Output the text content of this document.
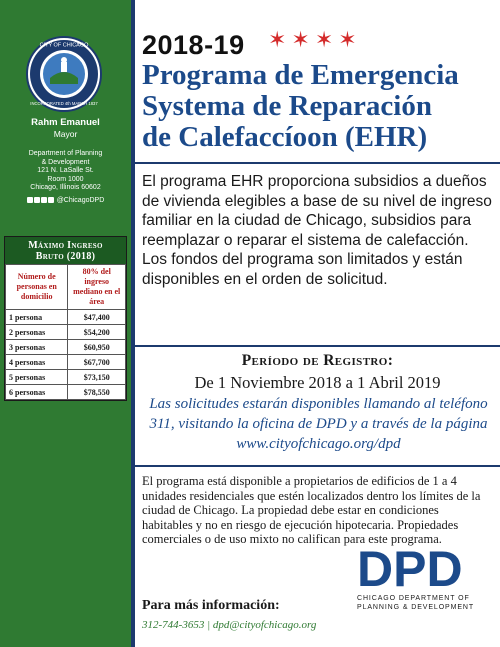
CITY OF CHICAGO
INCORPORATED 4th MARCH 1837
Rahm Emanuel
Mayor
Department of Planning
& Development
121 N. LaSalle St.
Room 1000
Chicago, Illinois 60602
@ChicagoDPD
Máximo Ingreso
Bruto (2018)
Número de personas en domicilio	80% del ingreso mediano en el área
1 persona	$47,400
2 personas	$54,200
3 personas	$60,950
4 personas	$67,700
5 personas	$73,150
6 personas	$78,550
2018-19 ✶✶✶✶
Programa de Emergencia
Systema de Reparación
de Calefaccíoon (EHR)
El programa EHR proporciona subsidios a dueños de vivienda elegibles a base de su nivel de ingreso familiar en la ciudad de Chicago, subsidios para reemplazar o reparar el sistema de calefacción. Los fondos del programa son limitados y están disponibles en el orden de solicitud.
Período de Registro:
De 1 Noviembre 2018 a 1 Abril 2019
Las solicitudes estarán disponibles llamando al teléfono 311, visitando la oficina de DPD y a través de la página www.cityofchicago.org/dpd
El programa está disponible a propietarios de edificios de 1 a 4 unidades residenciales que estén localizados dentro los límites de la ciudad de Chicago. La propiedad debe estar en condiciones habitables y no en riesgo de ejecución hipotecaria. Propiedades comerciales o de uso mixto no califican para este programa.
DPD
CHICAGO DEPARTMENT OF
PLANNING & DEVELOPMENT
Para más información:
312-744-3653 | dpd@cityofchicago.org
